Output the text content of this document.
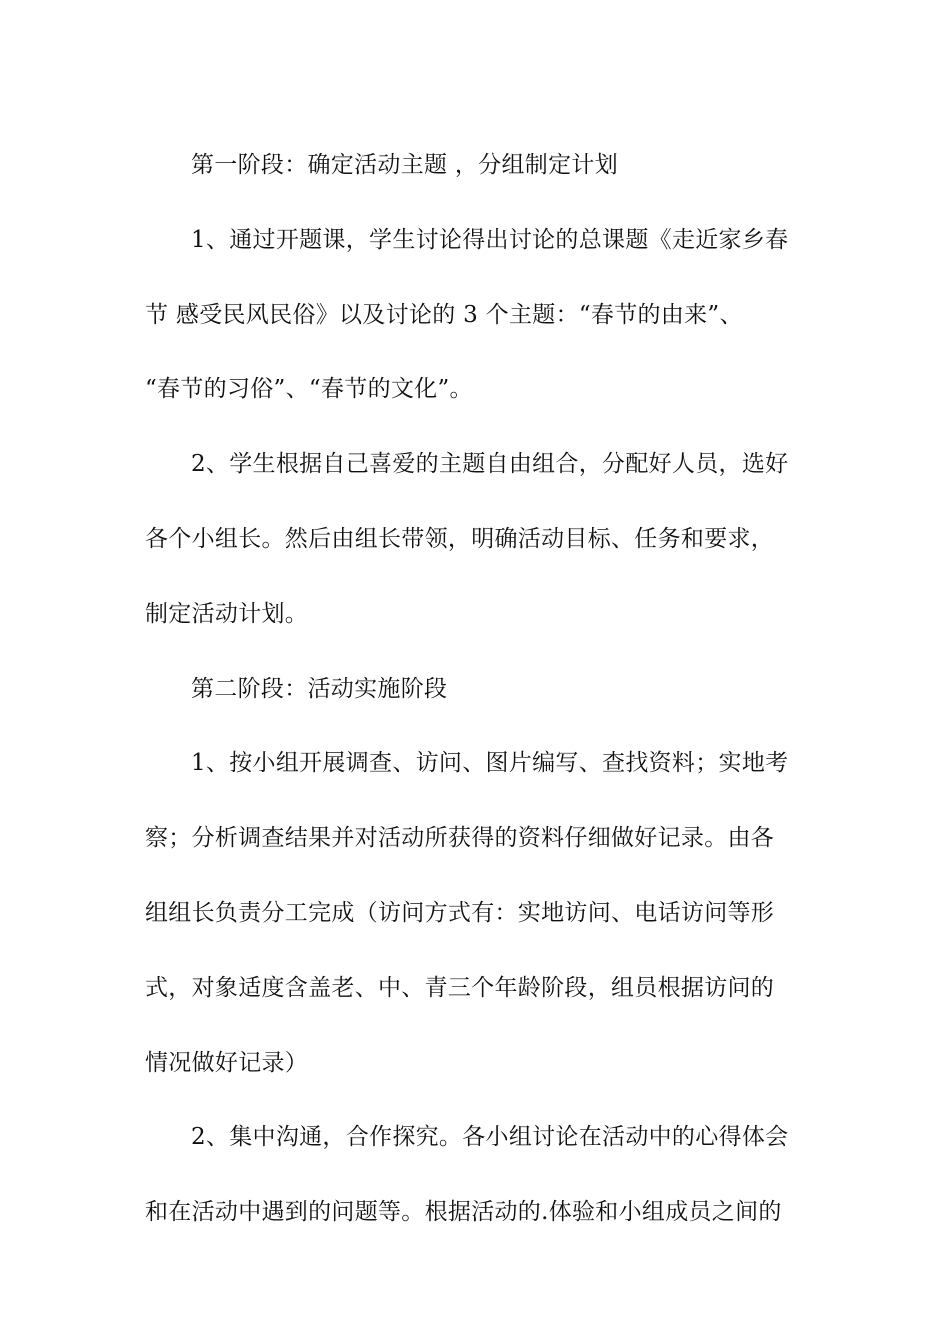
第一阶段：确定活动主题 ，分组制定计划

1、通过开题课，学生讨论得出讨论的总课题《走近家乡春

节 感受民风民俗》以及讨论的 3 个主题：“春节的由来”、

“春节的习俗”、“春节的文化”。

2、学生根据自己喜爱的主题自由组合，分配好人员，选好

各个小组长。然后由组长带领，明确活动目标、任务和要求，

制定活动计划。

第二阶段：活动实施阶段

1、按小组开展调查、访问、图片编写、查找资料；实地考

察；分析调查结果并对活动所获得的资料仔细做好记录。由各

组组长负责分工完成（访问方式有：实地访问、电话访问等形

式，对象适度含盖老、中、青三个年龄阶段，组员根据访问的

情况做好记录）

2、集中沟通，合作探究。各小组讨论在活动中的心得体会

和在活动中遇到的问题等。根据活动的.体验和小组成员之间的
